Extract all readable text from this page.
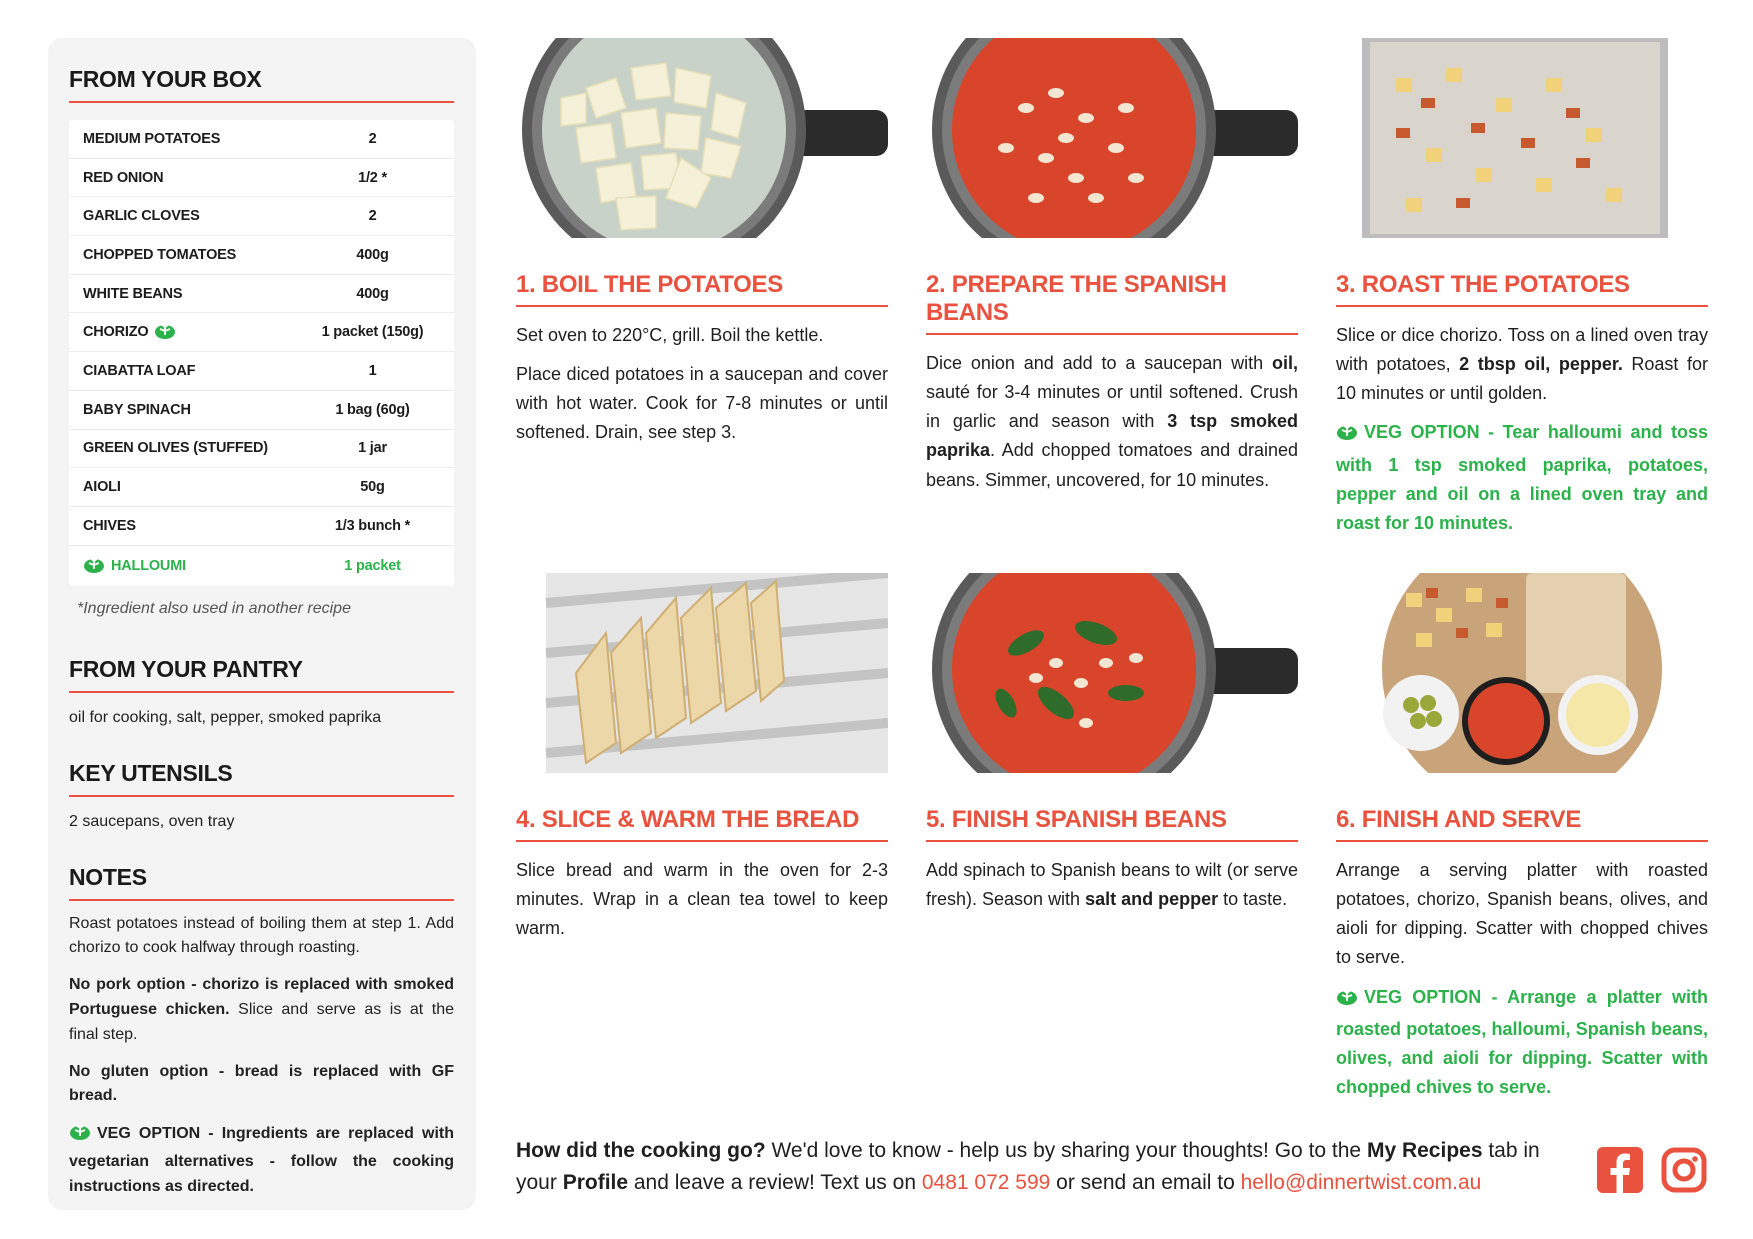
FROM YOUR BOX
MEDIUM POTATOES	2
RED ONION	1/2 *
GARLIC CLOVES	2
CHOPPED TOMATOES	400g
WHITE BEANS	400g
CHORIZO	1 packet (150g)
CIABATTA LOAF	1
BABY SPINACH	1 bag (60g)
GREEN OLIVES (STUFFED)	1 jar
AIOLI	50g
CHIVES	1/3 bunch *
HALLOUMI	1 packet
*Ingredient also used in another recipe
FROM YOUR PANTRY
oil for cooking, salt, pepper, smoked paprika
KEY UTENSILS
2 saucepans, oven tray
NOTES

Roast potatoes instead of boiling them at step 1. Add chorizo to cook halfway through roasting.

No pork option - chorizo is replaced with smoked Portuguese chicken. Slice and serve as is at the final step.

No gluten option - bread is replaced with GF bread.

VEG OPTION - Ingredients are replaced with vegetarian alternatives - follow the cooking instructions as directed.

1. BOIL THE POTATOES

Set oven to 220°C, grill. Boil the kettle.

Place diced potatoes in a saucepan and cover with hot water. Cook for 7-8 minutes or until softened. Drain, see step 3.

2. PREPARE THE SPANISH BEANS

Dice onion and add to a saucepan with oil, sauté for 3-4 minutes or until softened. Crush in garlic and season with 3 tsp smoked paprika. Add chopped tomatoes and drained beans. Simmer, uncovered, for 10 minutes.

3. ROAST THE POTATOES

Slice or dice chorizo. Toss on a lined oven tray with potatoes, 2 tbsp oil, pepper. Roast for 10 minutes or until golden.

VEG OPTION - Tear halloumi and toss with 1 tsp smoked paprika, potatoes, pepper and oil on a lined oven tray and roast for 10 minutes.

4. SLICE & WARM THE BREAD

Slice bread and warm in the oven for 2-3 minutes. Wrap in a clean tea towel to keep warm.

5. FINISH SPANISH BEANS

Add spinach to Spanish beans to wilt (or serve fresh). Season with salt and pepper to taste.

6. FINISH AND SERVE

Arrange a serving platter with roasted potatoes, chorizo, Spanish beans, olives, and aioli for dipping. Scatter with chopped chives to serve.

VEG OPTION - Arrange a platter with roasted potatoes, halloumi, Spanish beans, olives, and aioli for dipping. Scatter with chopped chives to serve.

How did the cooking go? We'd love to know - help us by sharing your thoughts! Go to the My Recipes tab in your Profile and leave a review! Text us on 0481 072 599 or send an email to hello@dinnertwist.com.au
